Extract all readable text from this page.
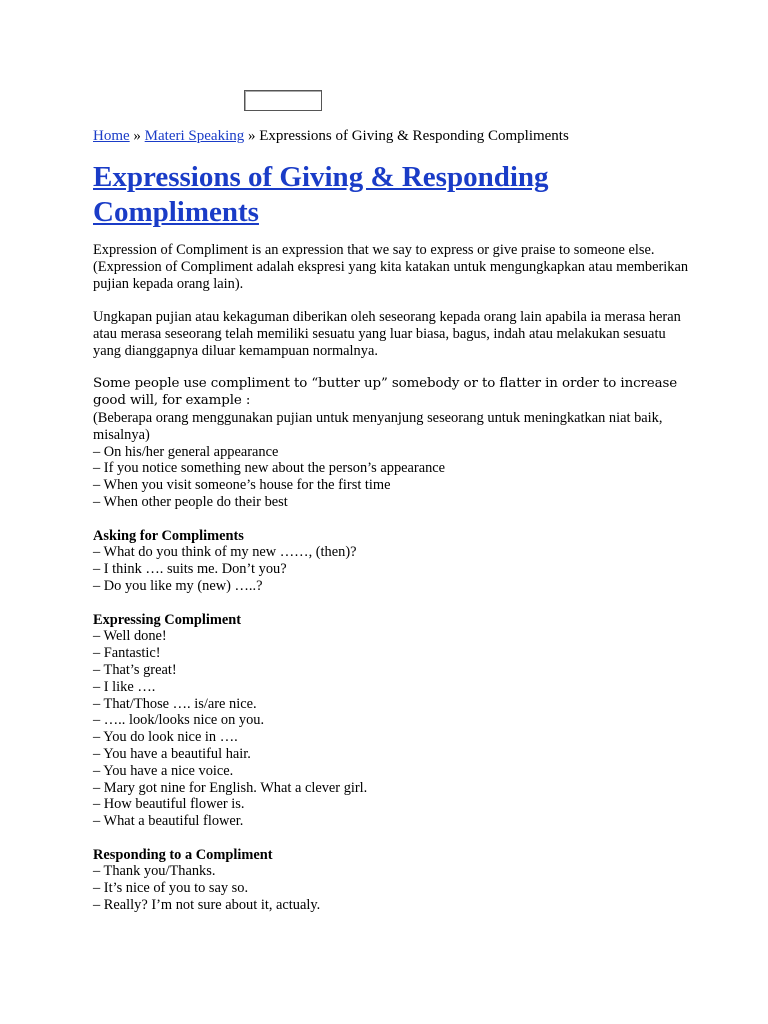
Home » Materi Speaking » Expressions of Giving & Responding Compliments

Expressions of Giving & Responding Compliments
Expression of Compliment is an expression that we say to express or give praise to someone else.
(Expression of Compliment adalah ekspresi yang kita katakan untuk mengungkapkan atau memberikan pujian kepada orang lain).
Ungkapan pujian atau kekaguman diberikan oleh seseorang kepada orang lain apabila ia merasa heran atau merasa seseorang telah memiliki sesuatu yang luar biasa, bagus, indah atau melakukan sesuatu yang dianggapnya diluar kemampuan normalnya.
Some people use compliment to “butter up” somebody or to flatter in order to increase good will, for example :
(Beberapa orang menggunakan pujian untuk menyanjung seseorang untuk meningkatkan niat baik, misalnya)
– On his/her general appearance
– If you notice something new about the person’s appearance
– When you visit someone’s house for the first time
– When other people do their best
Asking for Compliments
– What do you think of my new ……, (then)?
– I think …. suits me. Don’t you?
– Do you like my (new) …..?
Expressing Compliment
– Well done!
– Fantastic!
– That’s great!
– I like ….
– That/Those …. is/are nice.
– ….. look/looks nice on you.
– You do look nice in ….
– You have a beautiful hair.
– You have a nice voice.
– Mary got nine for English. What a clever girl.
– How beautiful flower is.
– What a beautiful flower.
Responding to a Compliment
– Thank you/Thanks.
– It’s nice of you to say so.
– Really? I’m not sure about it, actualy.
